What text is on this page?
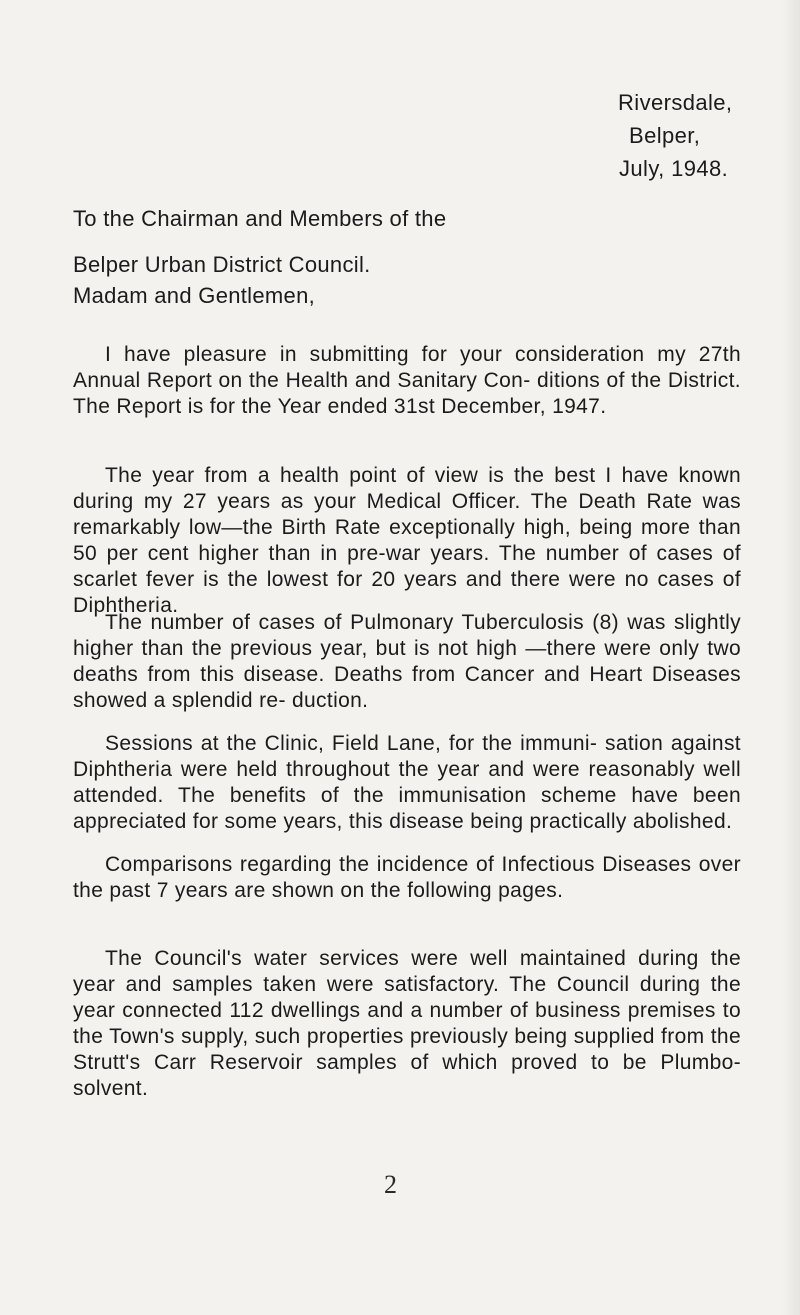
Riversdale,
Belper,
July, 1948.
To the Chairman and Members of the
Belper Urban District Council.
Madam and Gentlemen,

I have pleasure in submitting for your consideration my 27th Annual Report on the Health and Sanitary Con- ditions of the District. The Report is for the Year ended 31st December, 1947.

The year from a health point of view is the best I have known during my 27 years as your Medical Officer. The Death Rate was remarkably low—the Birth Rate exceptionally high, being more than 50 per cent higher than in pre-war years. The number of cases of scarlet fever is the lowest for 20 years and there were no cases of Diphtheria.

The number of cases of Pulmonary Tuberculosis (8) was slightly higher than the previous year, but is not high —there were only two deaths from this disease. Deaths from Cancer and Heart Diseases showed a splendid re- duction.

Sessions at the Clinic, Field Lane, for the immuni- sation against Diphtheria were held throughout the year and were reasonably well attended. The benefits of the immunisation scheme have been appreciated for some years, this disease being practically abolished.

Comparisons regarding the incidence of Infectious Diseases over the past 7 years are shown on the following pages.

The Council's water services were well maintained during the year and samples taken were satisfactory. The Council during the year connected 112 dwellings and a number of business premises to the Town's supply, such properties previously being supplied from the Strutt's Carr Reservoir samples of which proved to be Plumbo- solvent.

2
